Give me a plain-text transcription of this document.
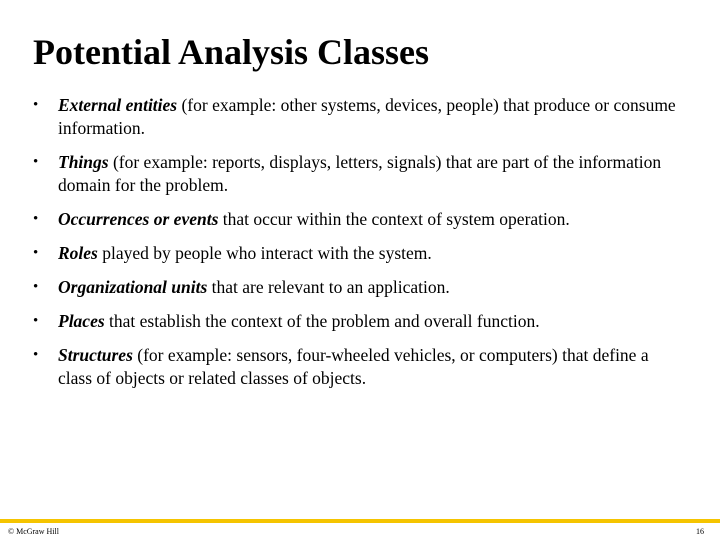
Potential Analysis Classes
• External entities (for example: other systems, devices, people) that produce or consume information.
• Things (for example: reports, displays, letters, signals) that are part of the information domain for the problem.
• Occurrences or events that occur within the context of system operation.
• Roles played by people who interact with the system.
• Organizational units that are relevant to an application.
• Places that establish the context of the problem and overall function.
• Structures (for example: sensors, four-wheeled vehicles, or computers) that define a class of objects or related classes of objects.
© McGraw Hill	16
